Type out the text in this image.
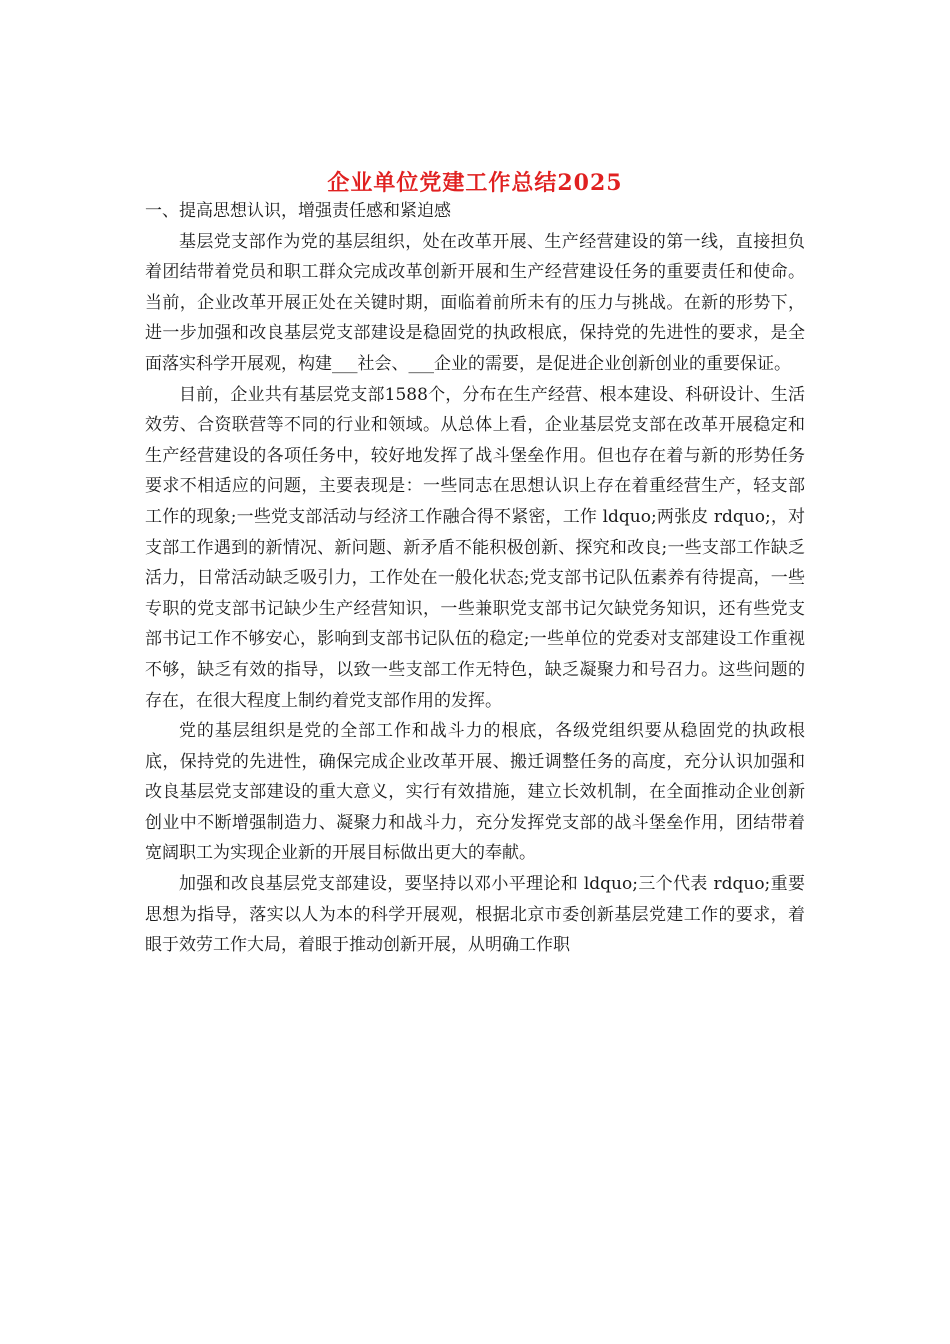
企业单位党建工作总结2025

一、提高思想认识，增强责任感和紧迫感

基层党支部作为党的基层组织，处在改革开展、生产经营建设的第一线，直接担负着团结带着党员和职工群众完成改革创新开展和生产经营建设任务的重要责任和使命。当前，企业改革开展正处在关键时期，面临着前所未有的压力与挑战。在新的形势下，进一步加强和改良基层党支部建设是稳固党的执政根底，保持党的先进性的要求，是全面落实科学开展观，构建___社会、___企业的需要，是促进企业创新创业的重要保证。

目前，企业共有基层党支部1588个，分布在生产经营、根本建设、科研设计、生活效劳、合资联营等不同的行业和领域。从总体上看，企业基层党支部在改革开展稳定和生产经营建设的各项任务中，较好地发挥了战斗堡垒作用。但也存在着与新的形势任务要求不相适应的问题，主要表现是：一些同志在思想认识上存在着重经营生产，轻支部工作的现象;一些党支部活动与经济工作融合得不紧密，工作 ldquo;两张皮 rdquo;，对支部工作遇到的新情况、新问题、新矛盾不能积极创新、探究和改良;一些支部工作缺乏活力，日常活动缺乏吸引力，工作处在一般化状态;党支部书记队伍素养有待提高，一些专职的党支部书记缺少生产经营知识，一些兼职党支部书记欠缺党务知识，还有些党支部书记工作不够安心，影响到支部书记队伍的稳定;一些单位的党委对支部建设工作重视不够，缺乏有效的指导，以致一些支部工作无特色，缺乏凝聚力和号召力。这些问题的存在，在很大程度上制约着党支部作用的发挥。

党的基层组织是党的全部工作和战斗力的根底，各级党组织要从稳固党的执政根底，保持党的先进性，确保完成企业改革开展、搬迁调整任务的高度，充分认识加强和改良基层党支部建设的重大意义，实行有效措施，建立长效机制，在全面推动企业创新创业中不断增强制造力、凝聚力和战斗力，充分发挥党支部的战斗堡垒作用，团结带着宽阔职工为实现企业新的开展目标做出更大的奉献。

加强和改良基层党支部建设，要坚持以邓小平理论和 ldquo;三个代表 rdquo;重要思想为指导，落实以人为本的科学开展观，根据北京市委创新基层党建工作的要求，着眼于效劳工作大局，着眼于推动创新开展，从明确工作职
